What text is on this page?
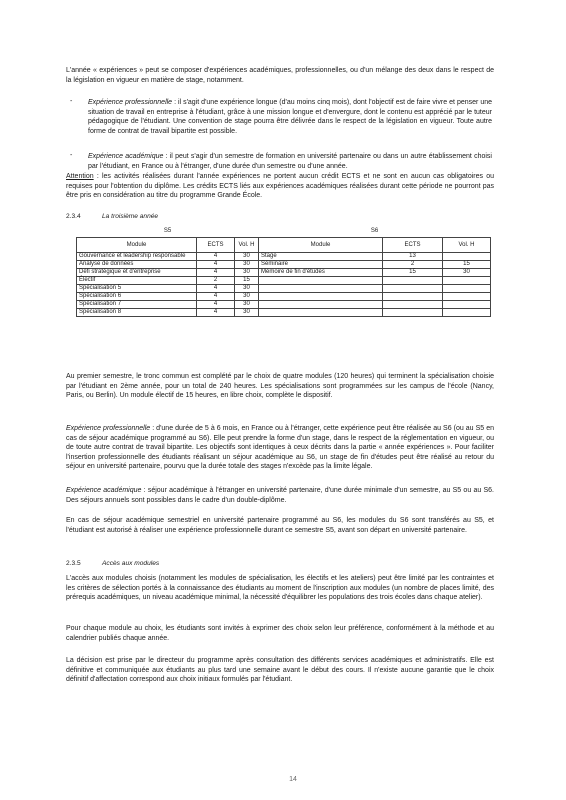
L'année « expériences » peut se composer d'expériences académiques, professionnelles, ou d'un mélange des deux dans le respect de la législation en vigueur en matière de stage, notamment.
- Expérience professionnelle : il s'agit d'une expérience longue (d'au moins cinq mois), dont l'objectif est de faire vivre et penser une situation de travail en entreprise à l'étudiant, grâce à une mission longue et d'envergure, dont le contenu est apprécié par le tuteur pédagogique de l'étudiant. Une convention de stage pourra être délivrée dans le respect de la législation en vigueur. Toute autre forme de contrat de travail bipartite est possible.
- Expérience académique : il peut s'agir d'un semestre de formation en université partenaire ou dans un autre établissement choisi par l'étudiant, en France ou à l'étranger, d'une durée d'un semestre ou d'une année.
Attention : les activités réalisées durant l'année expériences ne portent aucun crédit ECTS et ne sont en aucun cas obligatoires ou requises pour l'obtention du diplôme. Les crédits ECTS liés aux expériences académiques réalisées durant cette période ne pourront pas être pris en considération au titre du programme Grande École.
2.3.4	La troisième année
S5			S6		
Module	ECTS	Vol. H	Module	ECTS	Vol. H
Gouvernance et leadership responsable	4	30	Stage	13	
Analyse de données	4	30	Séminaire	2	15
Défi stratégique et d'entreprise	4	30	Mémoire de fin d'études	15	30
Électif	2	15			
Spécialisation 5	4	30			
Spécialisation 6	4	30			
Spécialisation 7	4	30			
Spécialisation 8	4	30			
Au premier semestre, le tronc commun est complété par le choix de quatre modules (120 heures) qui terminent la spécialisation choisie par l'étudiant en 2ème année, pour un total de 240 heures. Les spécialisations sont programmées sur les campus de l'école (Nancy, Paris, ou Berlin). Un module électif de 15 heures, en libre choix, complète le dispositif.
Expérience professionnelle : d'une durée de 5 à 6 mois, en France ou à l'étranger, cette expérience peut être réalisée au S6 (ou au S5 en cas de séjour académique programmé au S6). Elle peut prendre la forme d'un stage, dans le respect de la réglementation en vigueur, ou de toute autre contrat de travail bipartite. Les objectifs sont identiques à ceux décrits dans la partie « année expériences ». Pour faciliter l'insertion professionnelle des étudiants réalisant un séjour académique au S6, un stage de fin d'études peut être réalisé au retour du séjour en université partenaire, pourvu que la durée totale des stages n'excède pas la limite légale.
Expérience académique : séjour académique à l'étranger en université partenaire, d'une durée minimale d'un semestre, au S5 ou au S6. Des séjours annuels sont possibles dans le cadre d'un double-diplôme.
En cas de séjour académique semestriel en université partenaire programmé au S6, les modules du S6 sont transférés au S5, et l'étudiant est autorisé à réaliser une expérience professionnelle durant ce semestre S5, avant son départ en université partenaire.
2.3.5	Accès aux modules
L'accès aux modules choisis (notamment les modules de spécialisation, les électifs et les ateliers) peut être limité par les contraintes et les critères de sélection portés à la connaissance des étudiants au moment de l'inscription aux modules (un nombre de places limité, des prérequis académiques, un niveau académique minimal, la nécessité d'équilibrer les populations des trois écoles dans chaque atelier).
Pour chaque module au choix, les étudiants sont invités à exprimer des choix selon leur préférence, conformément à la méthode et au calendrier publiés chaque année.
La décision est prise par le directeur du programme après consultation des différents services académiques et administratifs. Elle est définitive et communiquée aux étudiants au plus tard une semaine avant le début des cours. Il n'existe aucune garantie que le choix définitif d'affectation correspond aux choix initiaux formulés par l'étudiant.
14
